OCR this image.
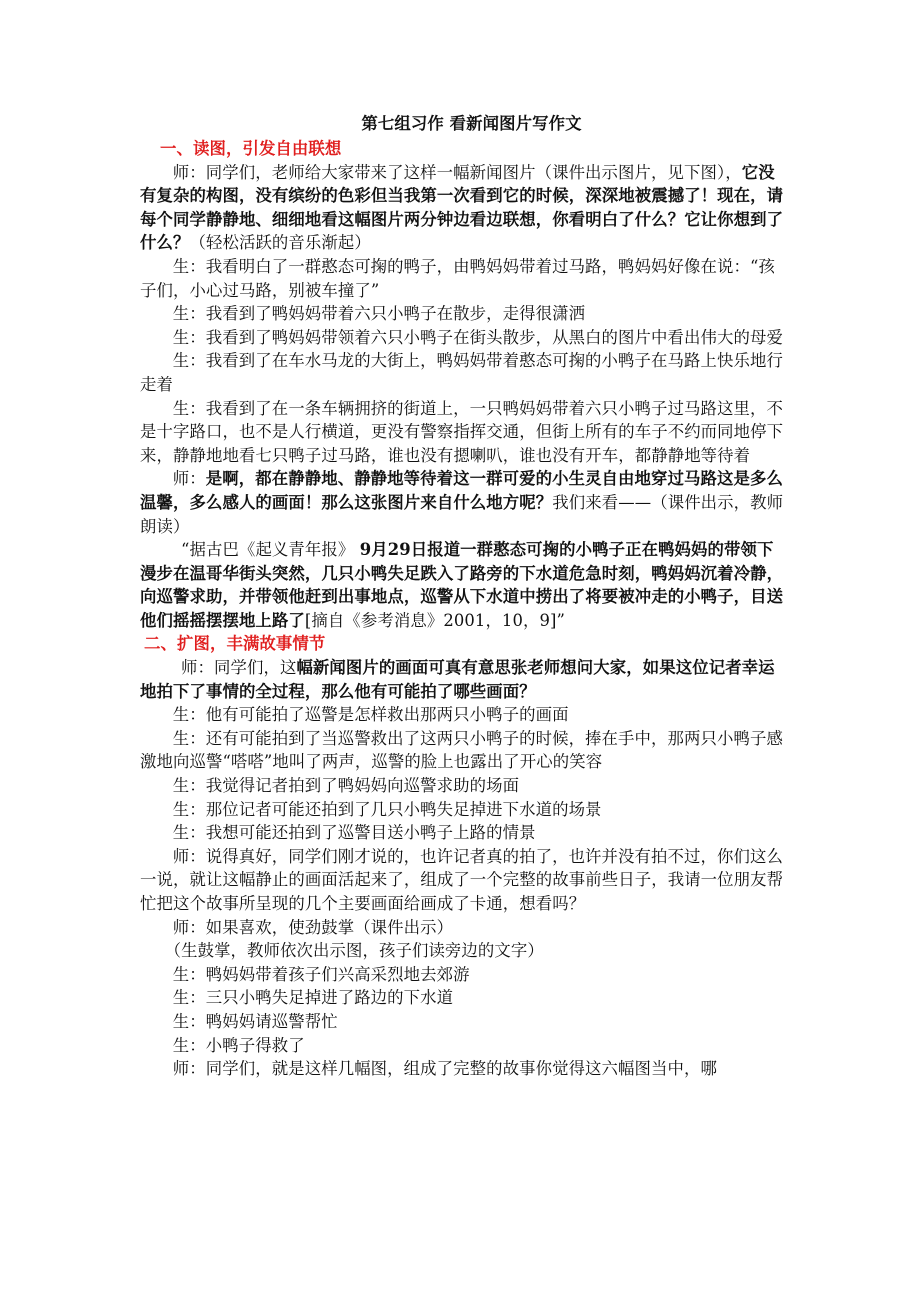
第七组习作 看新闻图片写作文
一、读图，引发自由联想

师：同学们，老师给大家带来了这样一幅新闻图片（课件出示图片，见下图），它没有复杂的构图，没有缤纷的色彩但当我第一次看到它的时候，深深地被震撼了！现在，请每个同学静静地、细细地看这幅图片两分钟边看边联想，你看明白了什么？它让你想到了什么？（轻松活跃的音乐渐起）

生：我看明白了一群憨态可掬的鸭子，由鸭妈妈带着过马路，鸭妈妈好像在说：“孩子们，小心过马路，别被车撞了”

生：我看到了鸭妈妈带着六只小鸭子在散步，走得很潇洒

生：我看到了鸭妈妈带领着六只小鸭子在街头散步，从黑白的图片中看出伟大的母爱

生：我看到了在车水马龙的大街上，鸭妈妈带着憨态可掬的小鸭子在马路上快乐地行走着

生：我看到了在一条车辆拥挤的街道上，一只鸭妈妈带着六只小鸭子过马路这里，不是十字路口，也不是人行横道，更没有警察指挥交通，但街上所有的车子不约而同地停下来，静静地地看七只鸭子过马路，谁也没有摁喇叭，谁也没有开车，都静静地等待着

师：是啊，都在静静地、静静地等待着这一群可爱的小生灵自由地穿过马路这是多么温馨，多么感人的画面！那么这张图片来自什么地方呢？我们来看——（课件出示，教师朗读）

“据古巴《起义青年报》 9月29日报道一群憨态可掬的小鸭子正在鸭妈妈的带领下漫步在温哥华街头突然，几只小鸭失足跌入了路旁的下水道危急时刻，鸭妈妈沉着冷静，向巡警求助，并带领他赶到出事地点，巡警从下水道中捞出了将要被冲走的小鸭子，目送他们摇摇摆摆地上路了[摘自《参考消息》2001，10，9]”

二、扩图，丰满故事情节

师：同学们，这幅新闻图片的画面可真有意思张老师想问大家，如果这位记者幸运地拍下了事情的全过程，那么他有可能拍了哪些画面？

生：他有可能拍了巡警是怎样救出那两只小鸭子的画面

生：还有可能拍到了当巡警救出了这两只小鸭子的时候，捧在手中，那两只小鸭子感激地向巡警“嗒嗒”地叫了两声，巡警的脸上也露出了开心的笑容

生：我觉得记者拍到了鸭妈妈向巡警求助的场面

生：那位记者可能还拍到了几只小鸭失足掉进下水道的场景

生：我想可能还拍到了巡警目送小鸭子上路的情景

师：说得真好，同学们刚才说的，也许记者真的拍了，也许并没有拍不过，你们这么一说，就让这幅静止的画面活起来了，组成了一个完整的故事前些日子，我请一位朋友帮忙把这个故事所呈现的几个主要画面给画成了卡通，想看吗？

师：如果喜欢，使劲鼓掌（课件出示）

（生鼓掌，教师依次出示图，孩子们读旁边的文字）

生：鸭妈妈带着孩子们兴高采烈地去郊游

生：三只小鸭失足掉进了路边的下水道

生：鸭妈妈请巡警帮忙

生：小鸭子得救了

师：同学们，就是这样几幅图，组成了完整的故事你觉得这六幅图当中，哪
